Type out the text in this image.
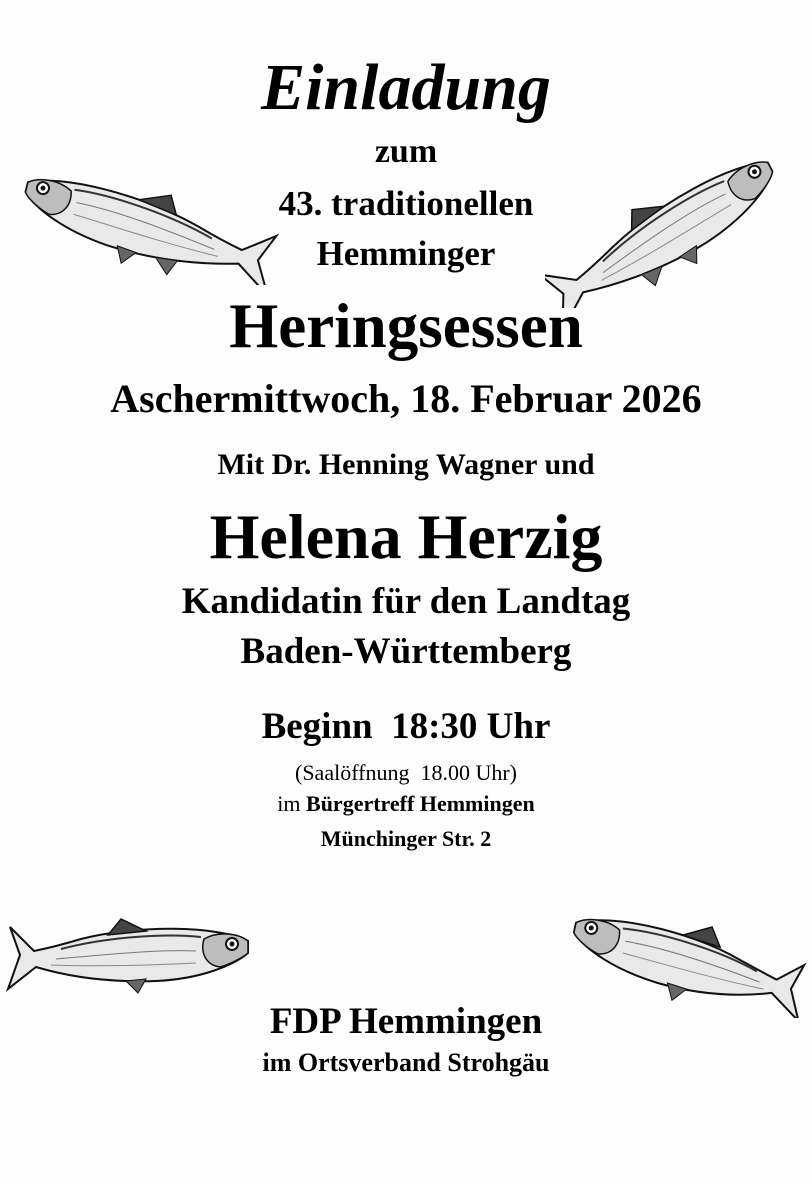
Einladung
zum
43. traditionellen
Hemminger
Heringsessen
Aschermittwoch, 18. Februar 2026
Mit Dr. Henning Wagner und
Helena Herzig
Kandidatin für den Landtag
Baden-Württemberg
Beginn  18:30 Uhr
(Saalöffnung  18.00 Uhr)
im Bürgertreff Hemmingen
Münchinger Str. 2
FDP Hemmingen
im Ortsverband Strohgäu
